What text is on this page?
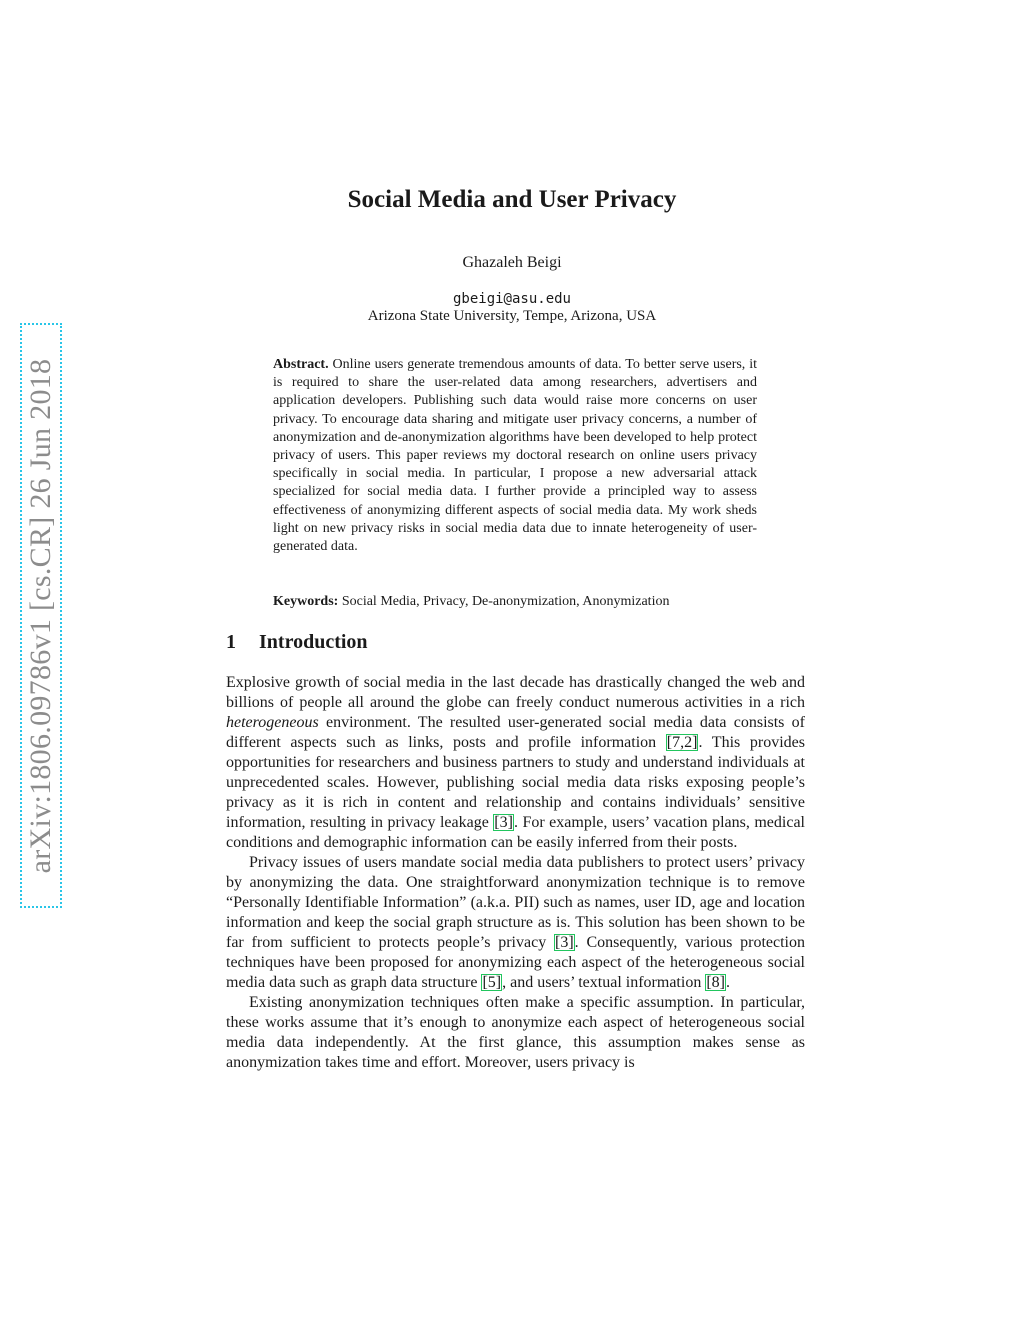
arXiv:1806.09786v1 [cs.CR] 26 Jun 2018
Social Media and User Privacy
Ghazaleh Beigi
gbeigi@asu.edu
Arizona State University, Tempe, Arizona, USA

Abstract. Online users generate tremendous amounts of data. To better serve users, it is required to share the user-related data among researchers, advertisers and application developers. Publishing such data would raise more concerns on user privacy. To encourage data sharing and mitigate user privacy concerns, a number of anonymization and de-anonymization algorithms have been developed to help protect privacy of users. This paper reviews my doctoral research on online users privacy specifically in social media. In particular, I propose a new adversarial attack specialized for social media data. I further provide a principled way to assess effectiveness of anonymizing different aspects of social media data. My work sheds light on new privacy risks in social media data due to innate heterogeneity of user-generated data.

Keywords: Social Media, Privacy, De-anonymization, Anonymization

1 Introduction

Explosive growth of social media in the last decade has drastically changed the web and billions of people all around the globe can freely conduct numerous activities in a rich heterogeneous environment. The resulted user-generated social media data consists of different aspects such as links, posts and profile information [7,2]. This provides opportunities for researchers and business partners to study and understand individuals at unprecedented scales. However, publishing social media data risks exposing people’s privacy as it is rich in content and relationship and contains individuals’ sensitive information, resulting in privacy leakage [3]. For example, users’ vacation plans, medical conditions and demographic information can be easily inferred from their posts.

Privacy issues of users mandate social media data publishers to protect users’ privacy by anonymizing the data. One straightforward anonymization technique is to remove “Personally Identifiable Information” (a.k.a. PII) such as names, user ID, age and location information and keep the social graph structure as is. This solution has been shown to be far from sufficient to protects people’s privacy [3]. Consequently, various protection techniques have been proposed for anonymizing each aspect of the heterogeneous social media data such as graph data structure [5], and users’ textual information [8].

Existing anonymization techniques often make a specific assumption. In particular, these works assume that it’s enough to anonymize each aspect of heterogeneous social media data independently. At the first glance, this assumption makes sense as anonymization takes time and effort. Moreover, users privacy is
